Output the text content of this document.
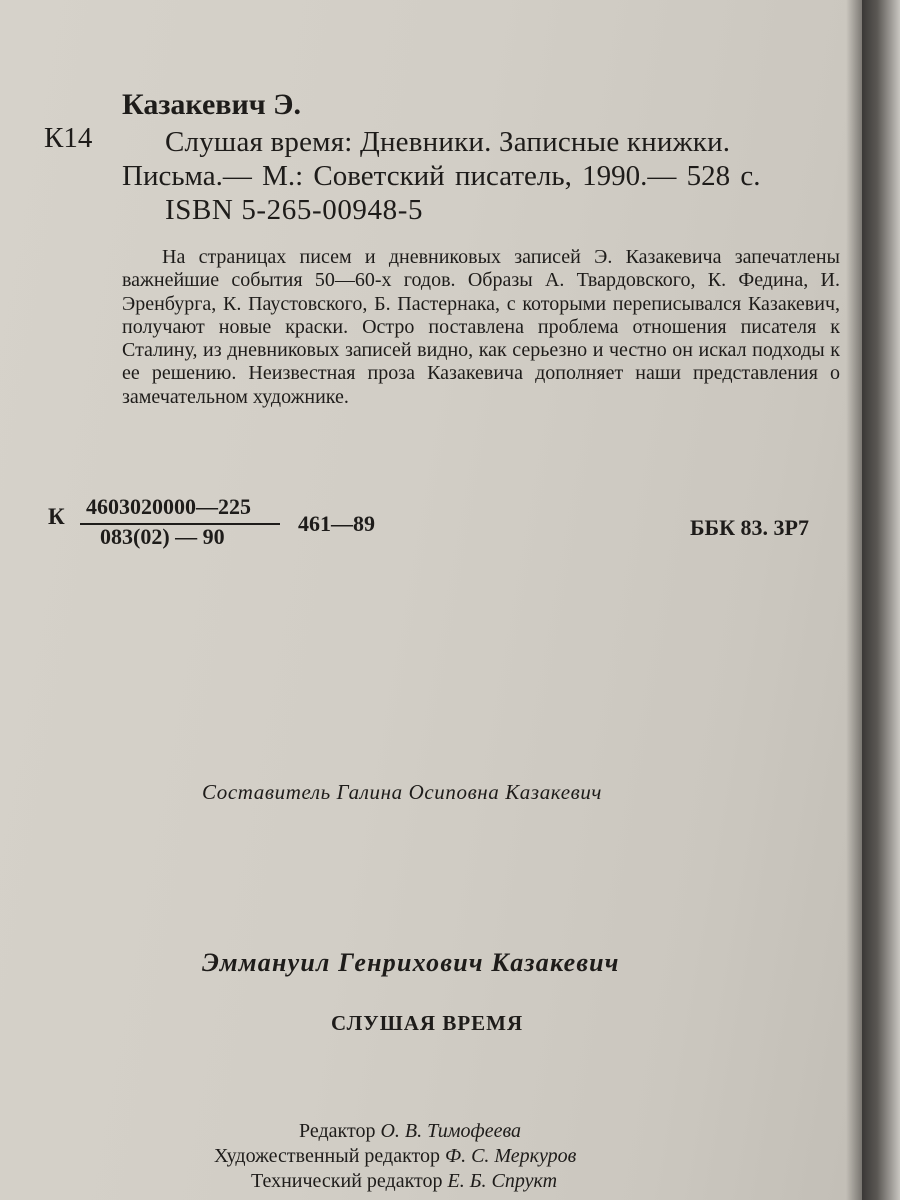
Казакевич Э.
К14	Слушая время: Дневники. Записные книжки.
Письма.— М.: Советский писатель, 1990.— 528 с.
ISBN 5-265-00948-5

На страницах писем и дневниковых записей Э. Казакевича запечатлены важнейшие события 50—60-х годов. Образы А. Твардовского, К. Федина, И. Эренбурга, К. Паустовского, Б. Пастернака, с которыми переписывался Казакевич, получают новые краски. Остро поставлена проблема отношения писателя к Сталину, из дневниковых записей видно, как серьезно и честно он искал подходы к ее решению. Неизвестная проза Казакевича дополняет наши представления о замечательном художнике.

К 4603020000—225
083(02) — 90
461—89	ББК 83. 3Р7
Составитель Галина Осиповна Казакевич
Эммануил Генрихович Казакевич
СЛУШАЯ ВРЕМЯ
Редактор О. В. Тимофеева
Художественный редактор Ф. С. Меркуров
Технический редактор Е. Б. Спрукт
